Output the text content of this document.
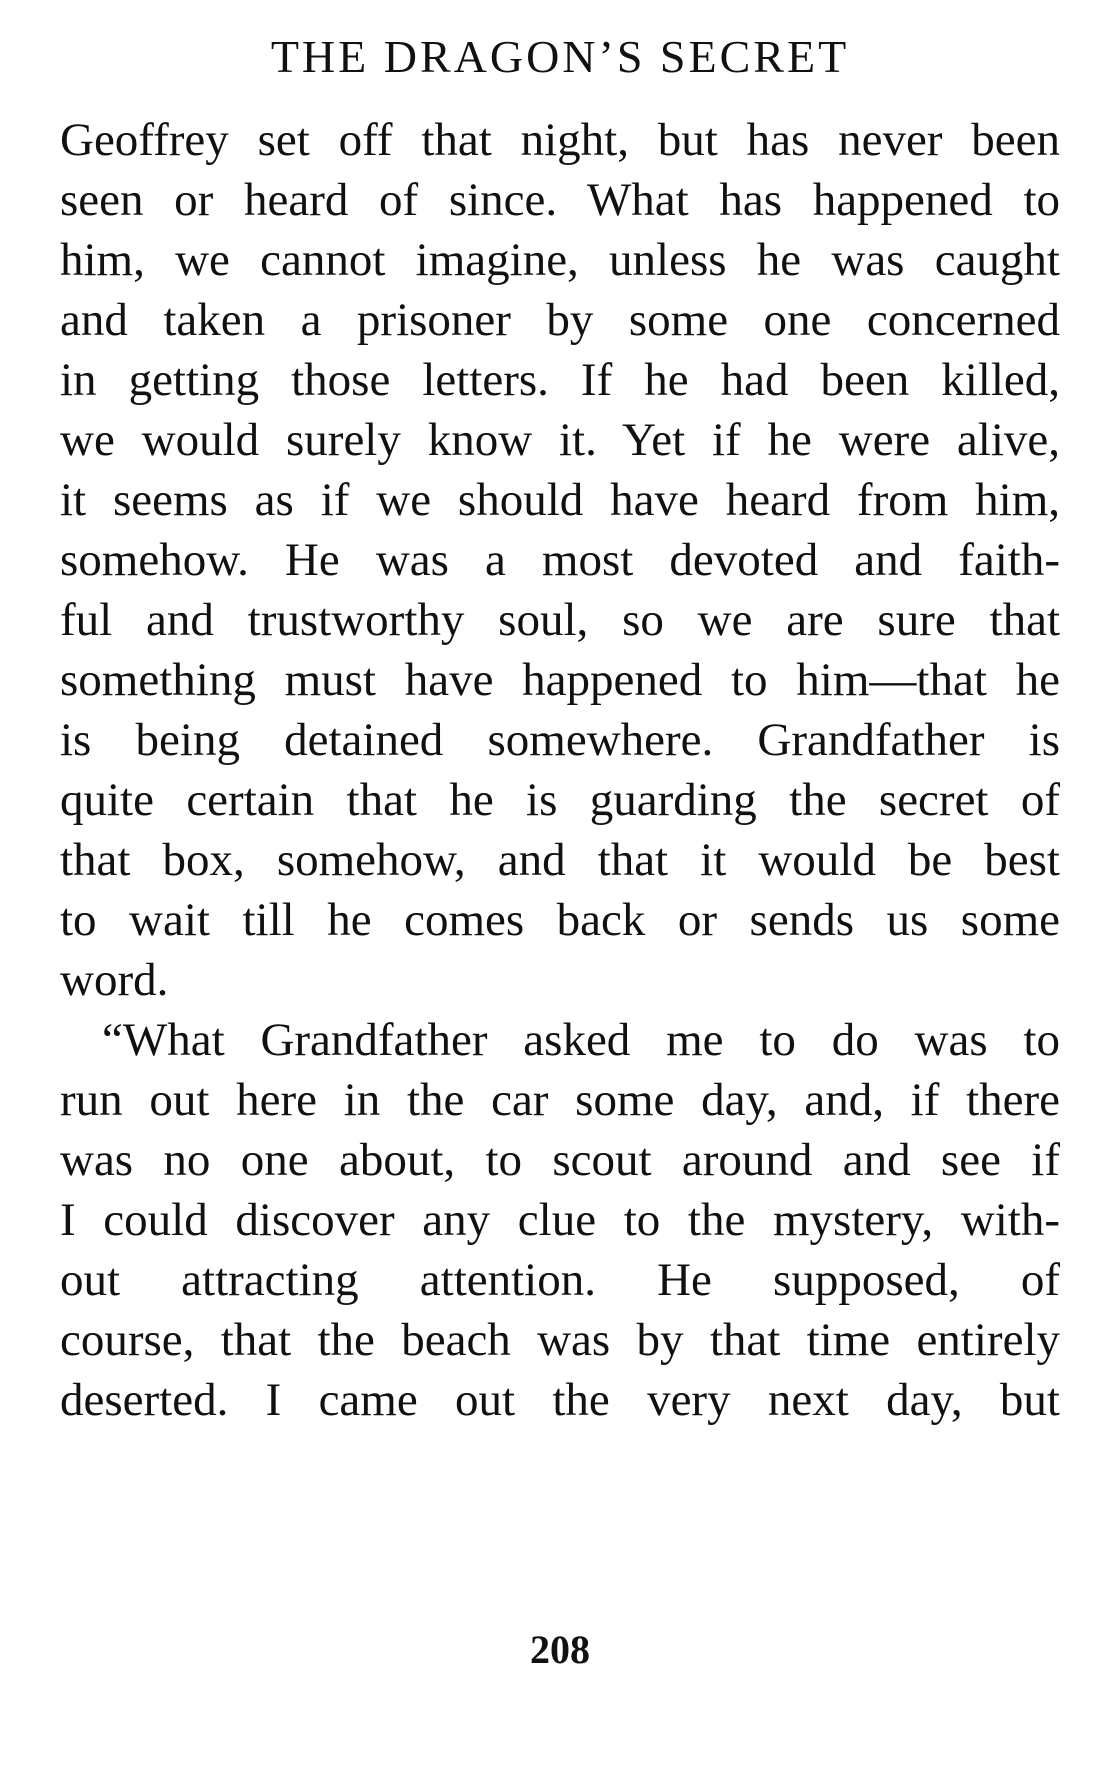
THE DRAGON’S SECRET
Geoffrey set off that night, but has never been
seen or heard of since. What has happened to
him, we cannot imagine, unless he was caught
and taken a prisoner by some one concerned
in getting those letters. If he had been killed,
we would surely know it. Yet if he were alive,
it seems as if we should have heard from him,
somehow. He was a most devoted and faith-
ful and trustworthy soul, so we are sure that
something must have happened to him—that he
is being detained somewhere. Grandfather is
quite certain that he is guarding the secret of
that box, somehow, and that it would be best
to wait till he comes back or sends us some
word.
“What Grandfather asked me to do was to
run out here in the car some day, and, if there
was no one about, to scout around and see if
I could discover any clue to the mystery, with-
out attracting attention. He supposed, of
course, that the beach was by that time entirely
deserted. I came out the very next day, but
208
